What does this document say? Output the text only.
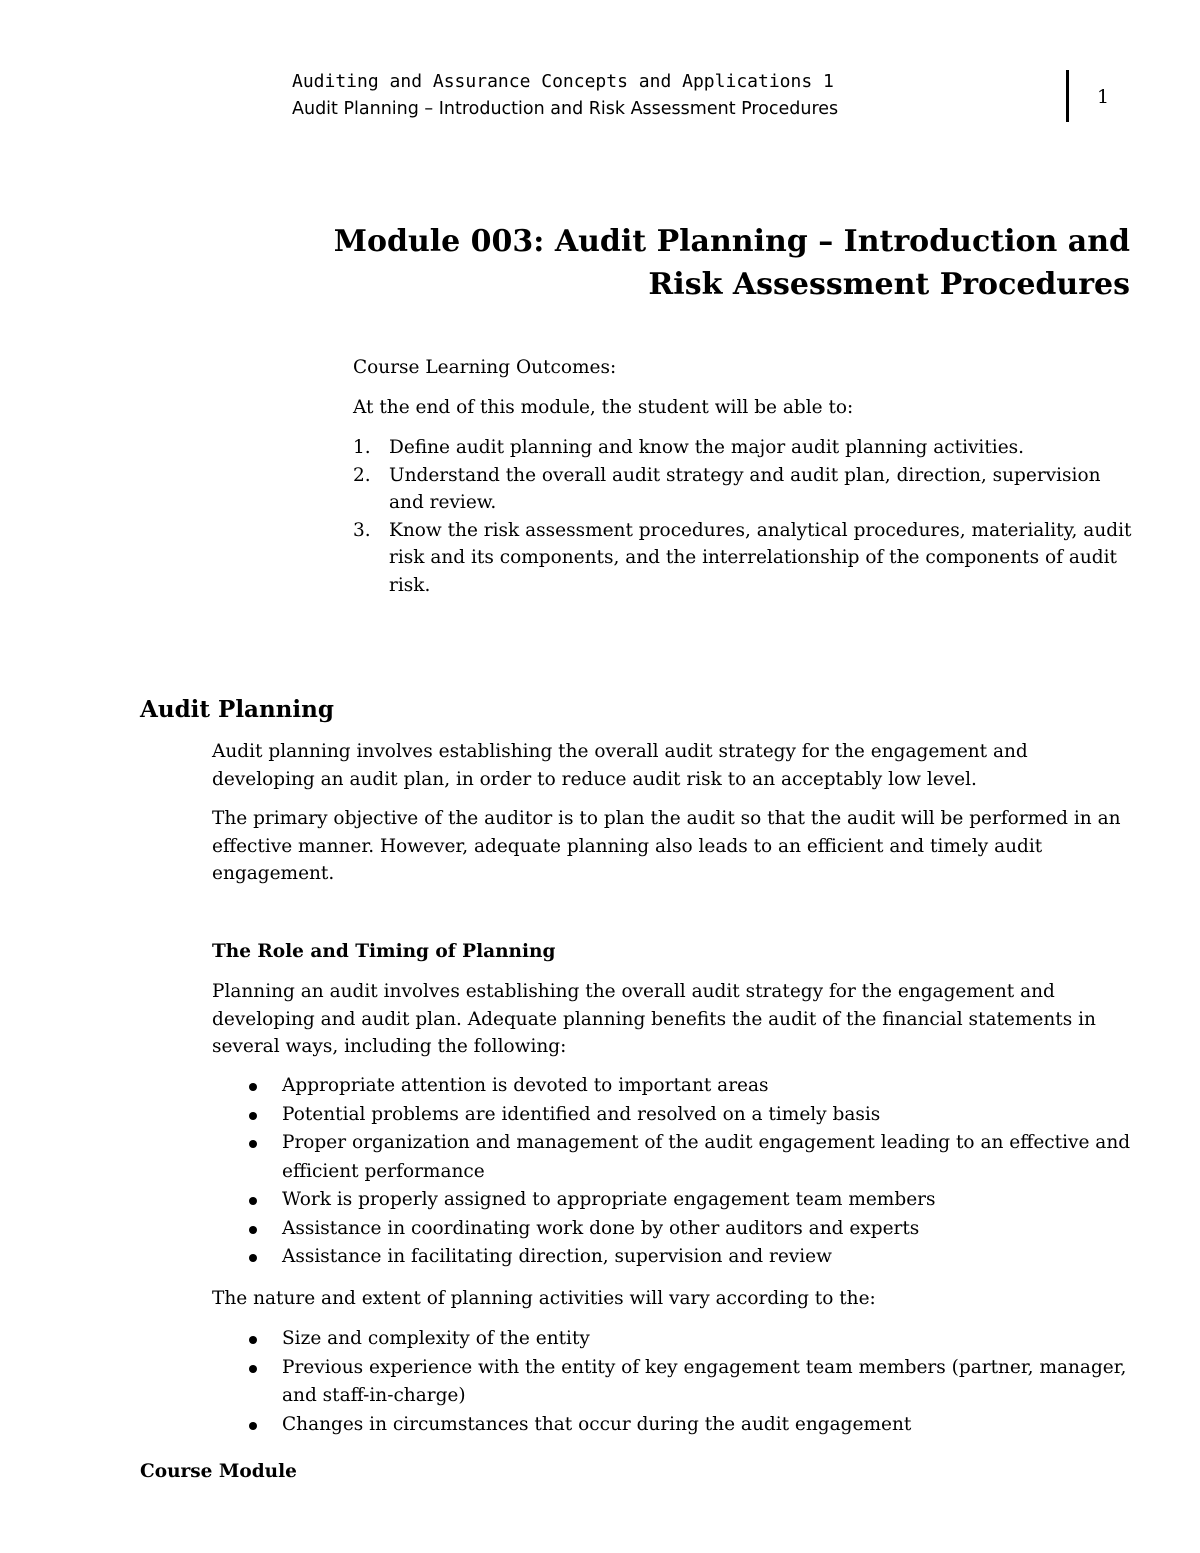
Auditing and Assurance Concepts and Applications 1
Audit Planning – Introduction and Risk Assessment Procedures
1
Module 003: Audit Planning – Introduction and
Risk Assessment Procedures
Course Learning Outcomes:
At the end of this module, the student will be able to:
1. Define audit planning and know the major audit planning activities.
2. Understand the overall audit strategy and audit plan, direction, supervision and review.
3. Know the risk assessment procedures, analytical procedures, materiality, audit risk and its components, and the interrelationship of the components of audit risk.
Audit Planning

Audit planning involves establishing the overall audit strategy for the engagement and developing an audit plan, in order to reduce audit risk to an acceptably low level.

The primary objective of the auditor is to plan the audit so that the audit will be performed in an effective manner. However, adequate planning also leads to an efficient and timely audit engagement.

The Role and Timing of Planning

Planning an audit involves establishing the overall audit strategy for the engagement and developing and audit plan. Adequate planning benefits the audit of the financial statements in several ways, including the following:

Appropriate attention is devoted to important areas
Potential problems are identified and resolved on a timely basis
Proper organization and management of the audit engagement leading to an effective and efficient performance
Work is properly assigned to appropriate engagement team members
Assistance in coordinating work done by other auditors and experts
Assistance in facilitating direction, supervision and review

The nature and extent of planning activities will vary according to the:

Size and complexity of the entity
Previous experience with the entity of key engagement team members (partner, manager, and staff-in-charge)
Changes in circumstances that occur during the audit engagement
Course Module
